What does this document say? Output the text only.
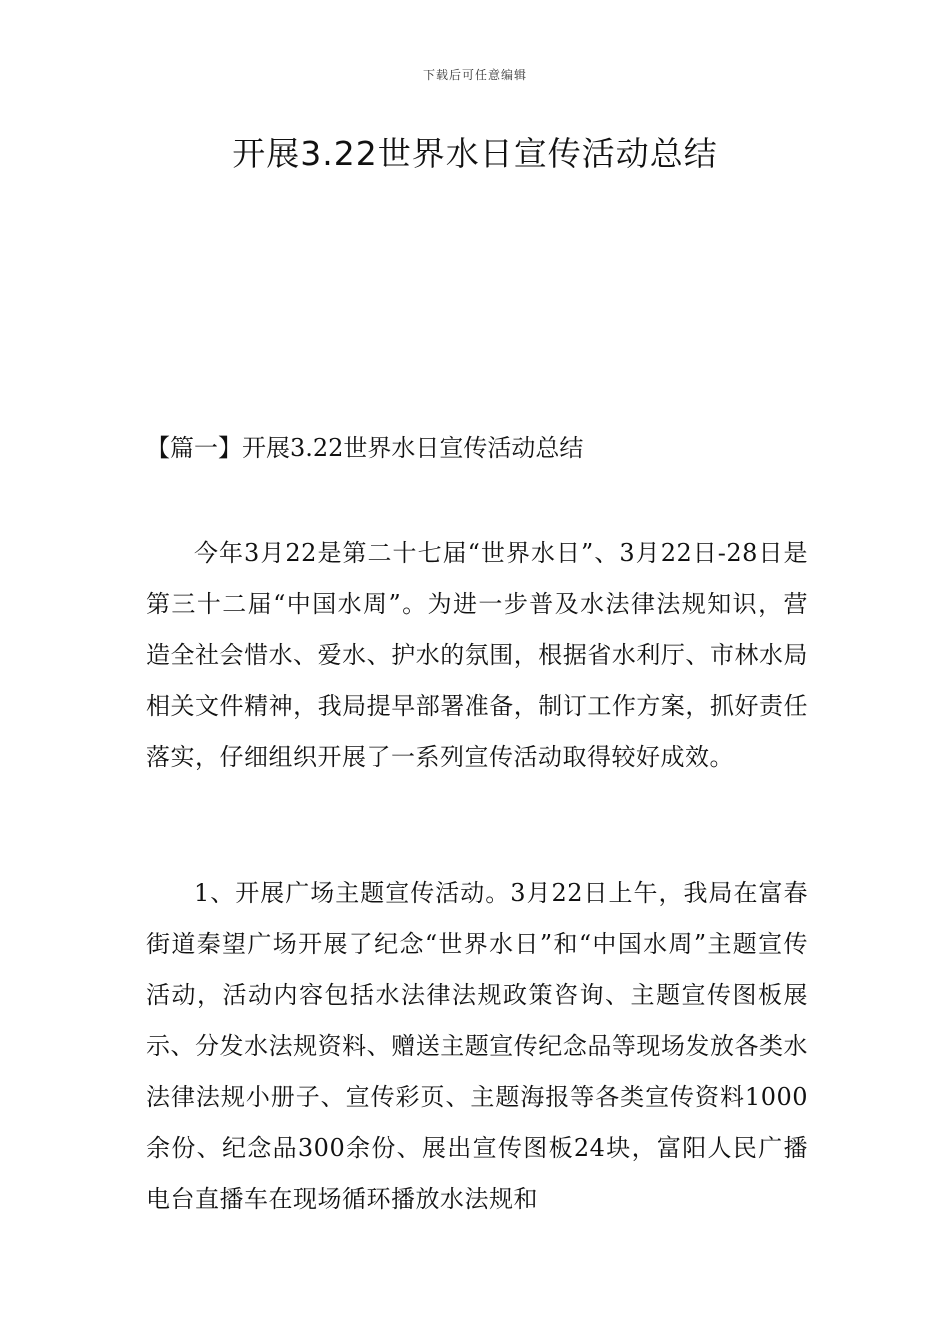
下载后可任意编辑
开展3.22世界水日宣传活动总结

【篇一】开展3.22世界水日宣传活动总结

今年3月22是第二十七届“世界水日”、3月22日-28日是第三十二届“中国水周”。为进一步普及水法律法规知识，营造全社会惜水、爱水、护水的氛围，根据省水利厅、市林水局相关文件精神，我局提早部署准备，制订工作方案，抓好责任落实，仔细组织开展了一系列宣传活动取得较好成效。

1、开展广场主题宣传活动。3月22日上午，我局在富春街道秦望广场开展了纪念“世界水日”和“中国水周”主题宣传活动，活动内容包括水法律法规政策咨询、主题宣传图板展示、分发水法规资料、赠送主题宣传纪念品等现场发放各类水法律法规小册子、宣传彩页、主题海报等各类宣传资料1000余份、纪念品300余份、展出宣传图板24块，富阳人民广播电台直播车在现场循环播放水法规和
